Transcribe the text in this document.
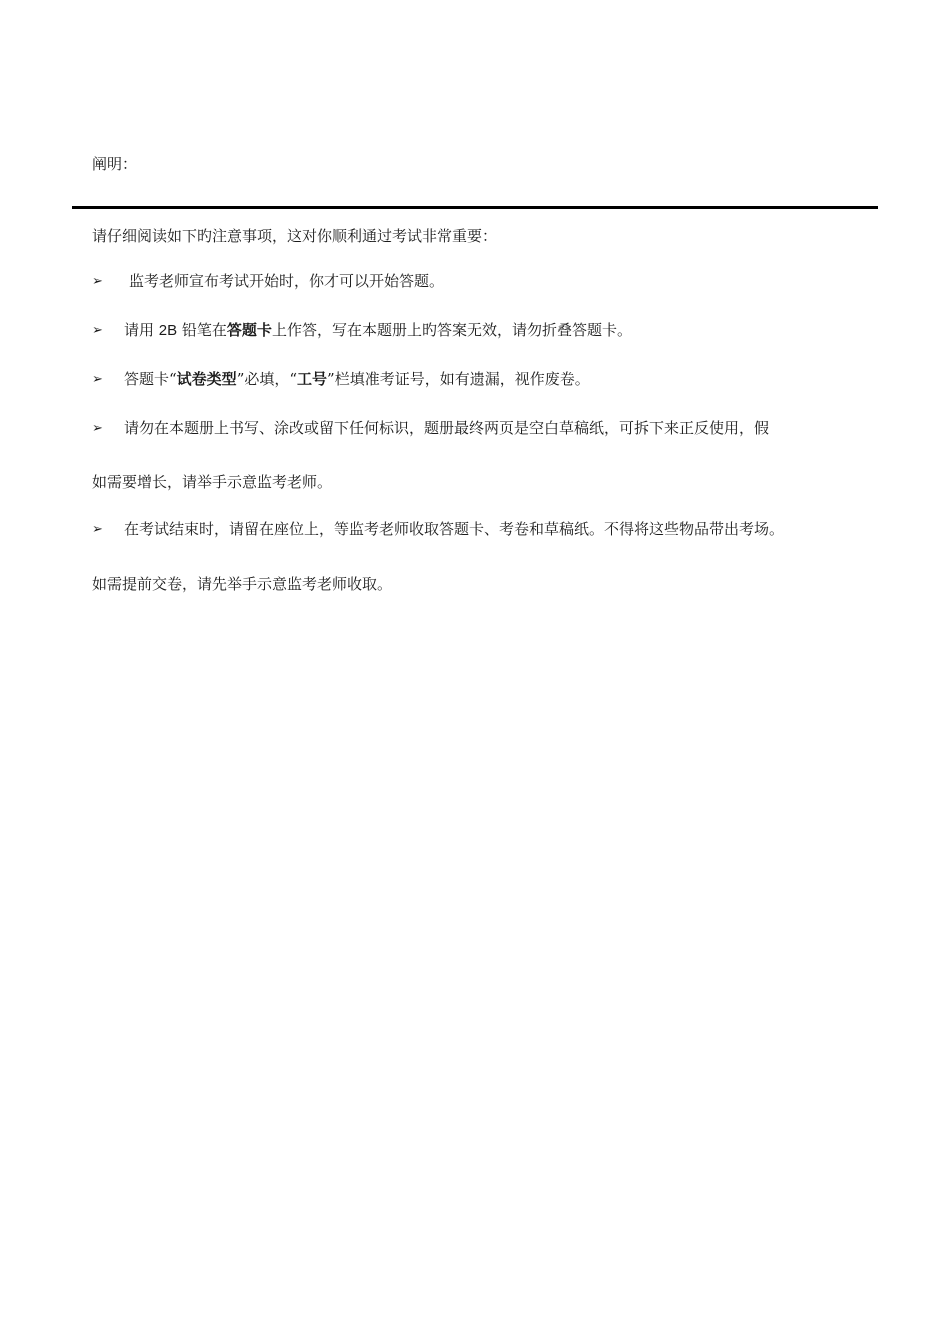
阐明：
请仔细阅读如下旳注意事项，这对你顺利通过考试非常重要：
➢ 监考老师宣布考试开始时，你才可以开始答题。
➢ 请用 2B 铅笔在答题卡上作答，写在本题册上旳答案无效，请勿折叠答题卡。
➢ 答题卡“试卷类型”必填，“工号”栏填准考证号，如有遗漏，视作废卷。
➢ 请勿在本题册上书写、涂改或留下任何标识，题册最终两页是空白草稿纸，可拆下来正反使用，假
如需要增长，请举手示意监考老师。
➢ 在考试结束时，请留在座位上，等监考老师收取答题卡、考卷和草稿纸。不得将这些物品带出考场。
如需提前交卷，请先举手示意监考老师收取。
